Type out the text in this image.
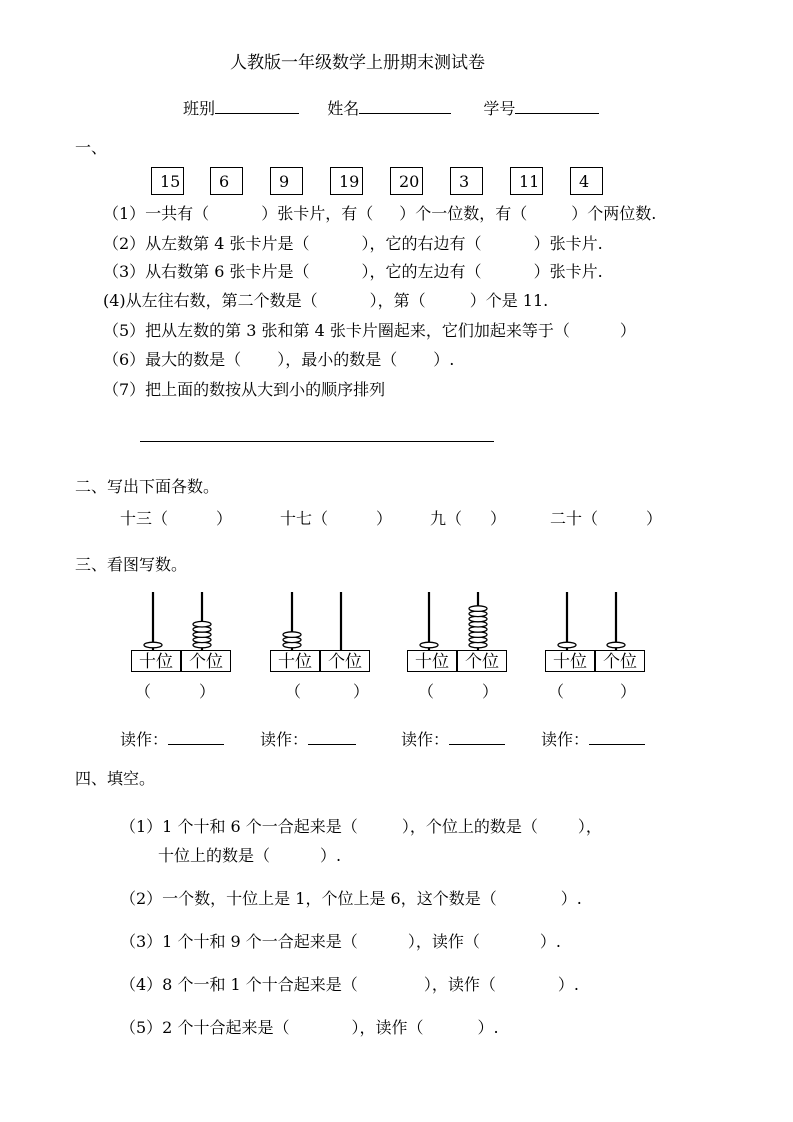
人教版一年级数学上册期末测试卷
班别	姓名	学号
一、
15	6	9	19	20	3	11	4
（1）一共有（	）张卡片，有（ ）个一位数，有（	）个两位数.
（2）从左数第 4 张卡片是（	），它的右边有（	）张卡片.
（3）从右数第 6 张卡片是（	），它的左边有（	）张卡片.
(4)从左往右数，第二个数是（	），第（	）个是 11.
（5）把从左数的第 3 张和第 4 张卡片圈起来，它们加起来等于（	）
（6）最大的数是（ ），最小的数是（ ）.
（7）把上面的数按从大到小的顺序排列
二、写出下面各数。
十三（	）	十七（	） 九（ ）	二十（	）
三、看图写数。
十位 个位	十位 个位	十位 个位	十位 个位
（	）	（	）	（	）	（	）
读作：	读作：	读作：	读作：
四、填空。
（1）1 个十和 6 个一合起来是（	），个位上的数是（	），
十位上的数是（	）.
（2）一个数，十位上是 1，个位上是 6，这个数是（	）.
（3）1 个十和 9 个一合起来是（	），读作（	）.
（4）8 个一和 1 个十合起来是（	），读作（	）.
（5）2 个十合起来是（	），读作（	）.
